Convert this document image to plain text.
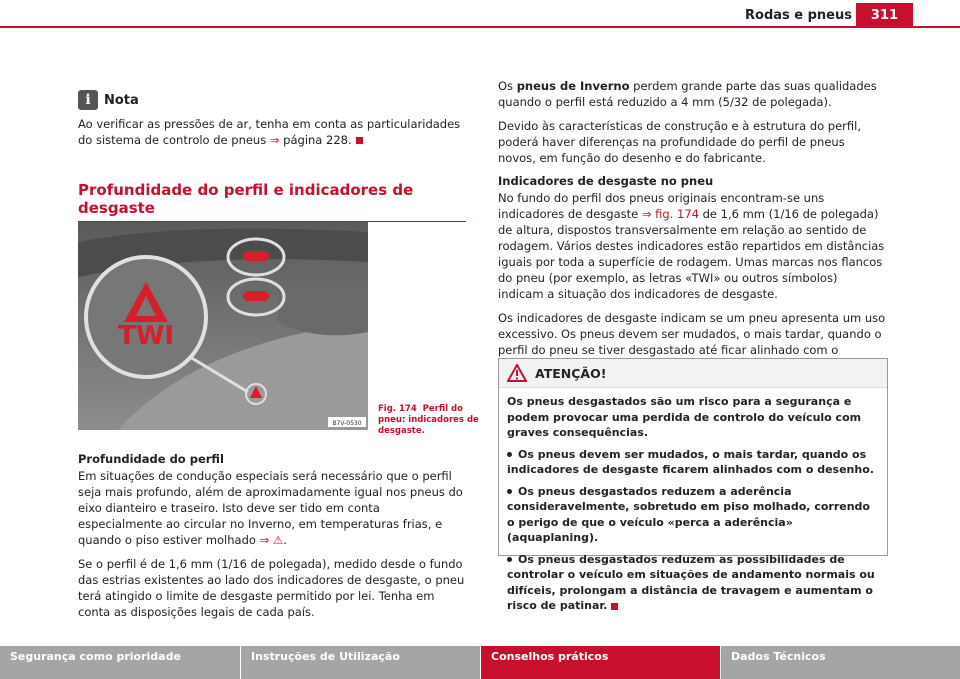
Rodas e pneus	311
i	Nota

Ao verificar as pressões de ar, tenha em conta as particularidades do sistema de controlo de pneus ⇒ página 228.

Profundidade do perfil e indicadores de desgaste
TWI
B7V-0530
Fig. 174 Perfil do pneu: indicadores de desgaste.
Profundidade do perfil

Em situações de condução especiais será necessário que o perfil seja mais profundo, além de aproximadamente igual nos pneus do eixo dianteiro e traseiro. Isto deve ser tido em conta especialmente ao circular no Inverno, em temperaturas frias, e quando o piso estiver molhado ⇒ ⚠.

Se o perfil é de 1,6 mm (1/16 de polegada), medido desde o fundo das estrias existentes ao lado dos indicadores de desgaste, o pneu terá atingido o limite de desgaste permitido por lei. Tenha em conta as disposições legais de cada país.

Os pneus de Inverno perdem grande parte das suas qualidades quando o perfil está reduzido a 4 mm (5/32 de polegada).

Devido às características de construção e à estrutura do perfil, poderá haver diferenças na profundidade do perfil de pneus novos, em função do desenho e do fabricante.

Indicadores de desgaste no pneu

No fundo do perfil dos pneus originais encontram-se uns indicadores de desgaste ⇒ fig. 174 de 1,6 mm (1/16 de polegada) de altura, dispostos transversalmente em relação ao sentido de rodagem. Vários destes indicadores estão repartidos em distâncias iguais por toda a superfície de rodagem. Umas marcas nos flancos do pneu (por exemplo, as letras «TWI» ou outros símbolos) indicam a situação dos indicadores de desgaste.

Os indicadores de desgaste indicam se um pneu apresenta um uso excessivo. Os pneus devem ser mudados, o mais tardar, quando o perfil do pneu se tiver desgastado até ficar alinhado com o

ATENÇÃO!

Os pneus desgastados são um risco para a segurança e podem provocar uma perdida de controlo do veículo com graves consequências.

Os pneus devem ser mudados, o mais tardar, quando os indicadores de desgaste ficarem alinhados com o desenho.

Os pneus desgastados reduzem a aderência consideravelmente, sobretudo em piso molhado, correndo o perigo de que o veículo «perca a aderência» (aquaplaning).

Os pneus desgastados reduzem as possibilidades de controlar o veículo em situações de andamento normais ou difíceis, prolongam a distância de travagem e aumentam o risco de patinar.

Segurança como prioridade	Instruções de Utilização	Conselhos práticos	Dados Técnicos
